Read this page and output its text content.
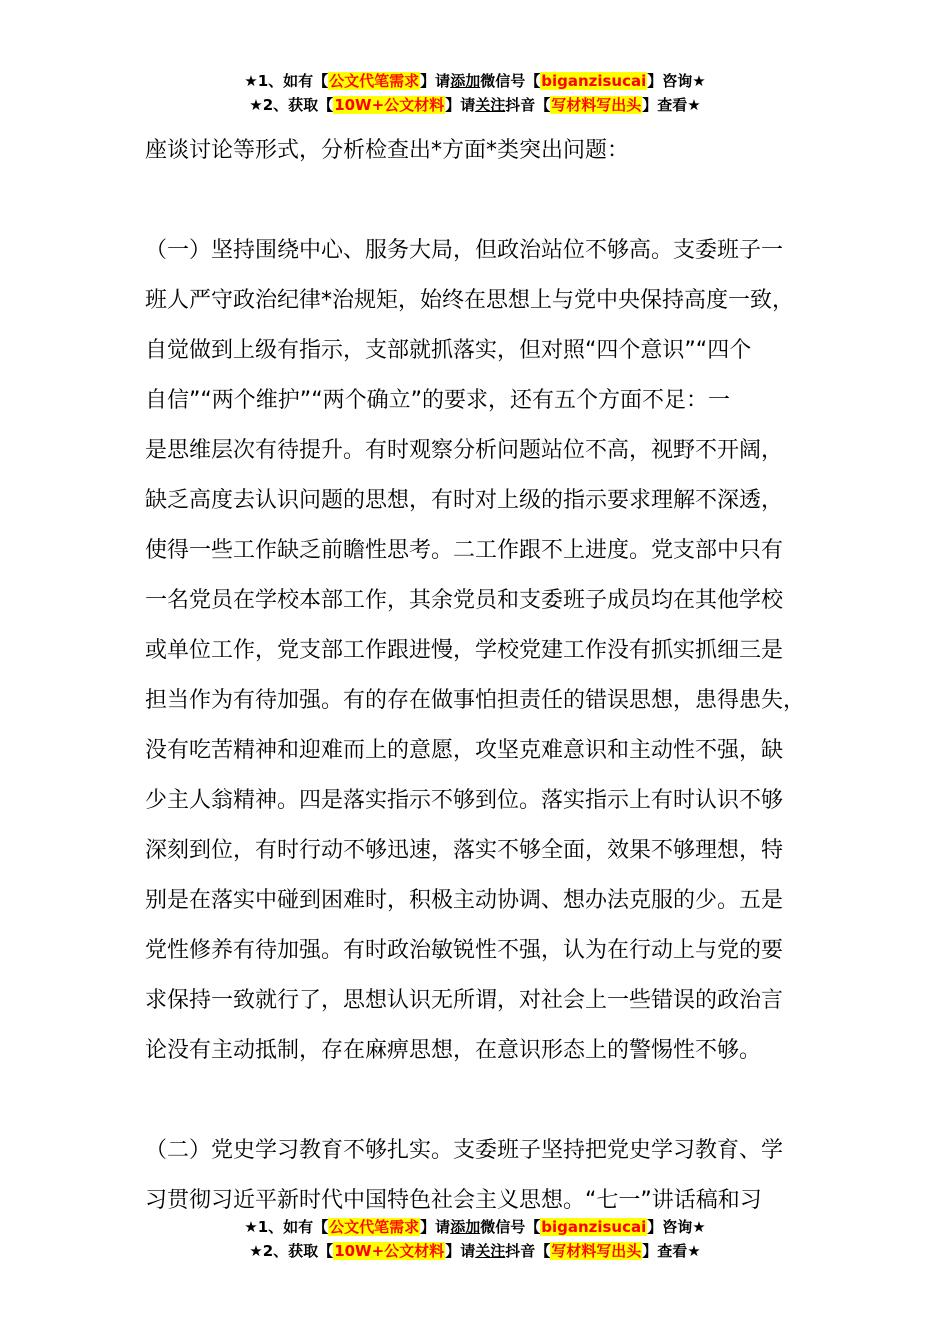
★1、如有【公文代笔需求】请添加微信号【biganzisucai】咨询★
★2、获取【10W+公文材料】请关注抖音【写材料写出头】查看★

座谈讨论等形式，分析检查出*方面*类突出问题：

（一）坚持围绕中心、服务大局，但政治站位不够高。支委班子一

班人严守政治纪律*治规矩，始终在思想上与党中央保持高度一致，

自觉做到上级有指示，支部就抓落实，但对照“四个意识”“四个

自信”“两个维护”“两个确立”的要求，还有五个方面不足：一

是思维层次有待提升。有时观察分析问题站位不高，视野不开阔，

缺乏高度去认识问题的思想，有时对上级的指示要求理解不深透，

使得一些工作缺乏前瞻性思考。二工作跟不上进度。党支部中只有

一名党员在学校本部工作，其余党员和支委班子成员均在其他学校

或单位工作，党支部工作跟进慢，学校党建工作没有抓实抓细三是

担当作为有待加强。有的存在做事怕担责任的错误思想，患得患失，

没有吃苦精神和迎难而上的意愿，攻坚克难意识和主动性不强，缺

少主人翁精神。四是落实指示不够到位。落实指示上有时认识不够

深刻到位，有时行动不够迅速，落实不够全面，效果不够理想，特

别是在落实中碰到困难时，积极主动协调、想办法克服的少。五是

党性修养有待加强。有时政治敏锐性不强，认为在行动上与党的要

求保持一致就行了，思想认识无所谓，对社会上一些错误的政治言

论没有主动抵制，存在麻痹思想，在意识形态上的警惕性不够。

（二）党史学习教育不够扎实。支委班子坚持把党史学习教育、学

习贯彻习近平新时代中国特色社会主义思想。“七一”讲话稿和习

★1、如有【公文代笔需求】请添加微信号【biganzisucai】咨询★
★2、获取【10W+公文材料】请关注抖音【写材料写出头】查看★
